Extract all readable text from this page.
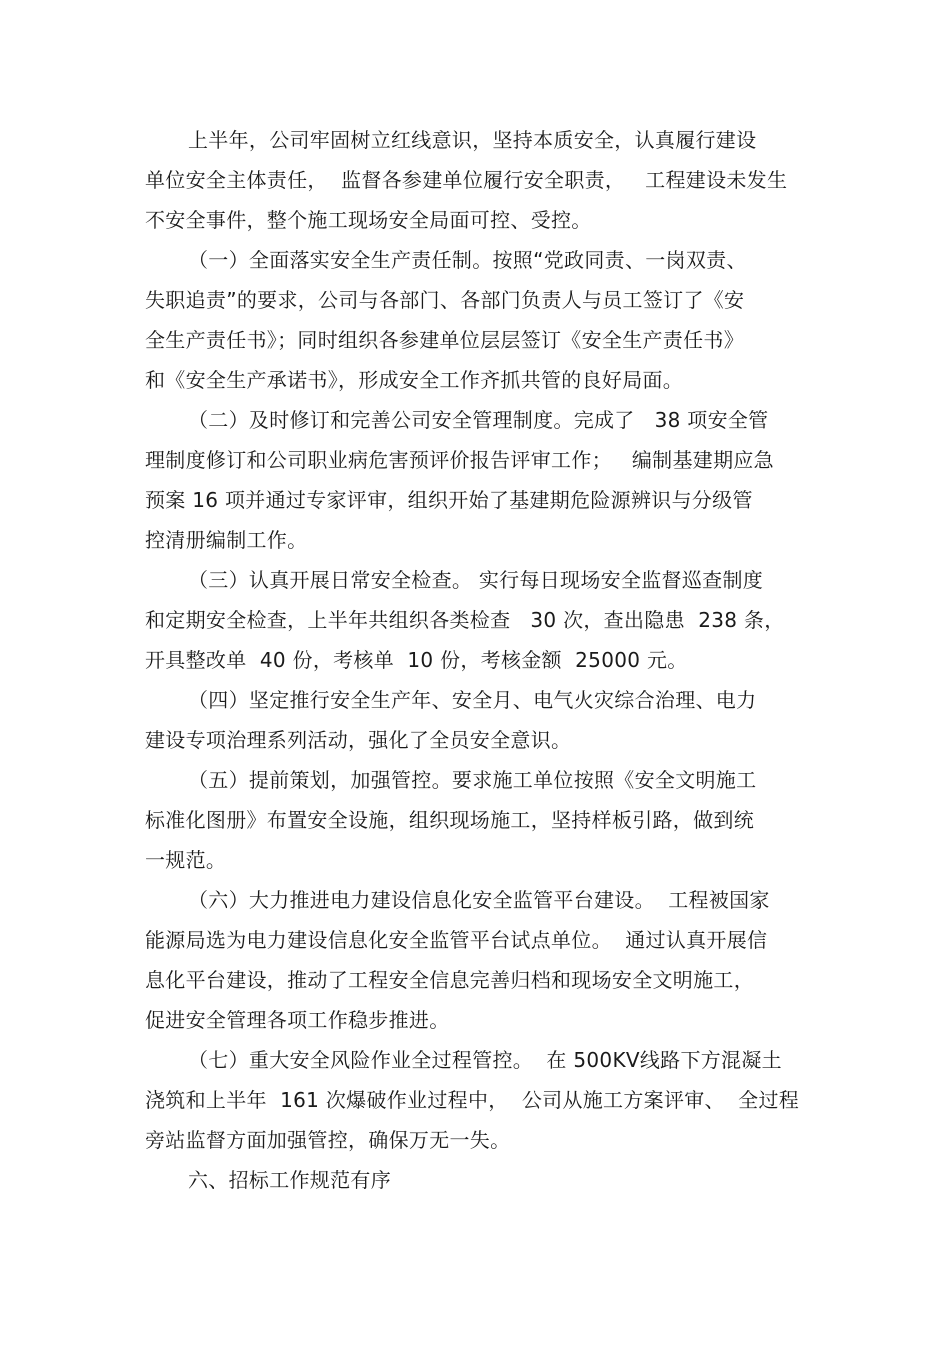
上半年，公司牢固树立红线意识，坚持本质安全，认真履行建设
单位安全主体责任，  监督各参建单位履行安全职责，   工程建设未发生
不安全事件，整个施工现场安全局面可控、受控。
（一）全面落实安全生产责任制。按照“党政同责、一岗双责、
失职追责”的要求，公司与各部门、各部门负责人与员工签订了《安
全生产责任书》；同时组织各参建单位层层签订《安全生产责任书》
和《安全生产承诺书》，形成安全工作齐抓共管的良好局面。
（二）及时修订和完善公司安全管理制度。完成了   38 项安全管
理制度修订和公司职业病危害预评价报告评审工作；   编制基建期应急
预案 16 项并通过专家评审，组织开始了基建期危险源辨识与分级管
控清册编制工作。
（三）认真开展日常安全检查。 实行每日现场安全监督巡查制度
和定期安全检查，上半年共组织各类检查   30 次，查出隐患  238 条，
开具整改单  40 份，考核单  10 份，考核金额  25000 元。
（四）坚定推行安全生产年、安全月、电气火灾综合治理、电力
建设专项治理系列活动，强化了全员安全意识。
（五）提前策划，加强管控。要求施工单位按照《安全文明施工
标准化图册》布置安全设施，组织现场施工，坚持样板引路，做到统
一规范。
（六）大力推进电力建设信息化安全监管平台建设。  工程被国家
能源局选为电力建设信息化安全监管平台试点单位。  通过认真开展信
息化平台建设，推动了工程安全信息完善归档和现场安全文明施工，
促进安全管理各项工作稳步推进。
（七）重大安全风险作业全过程管控。  在 500KV线路下方混凝土
浇筑和上半年  161 次爆破作业过程中，  公司从施工方案评审、  全过程
旁站监督方面加强管控，确保万无一失。
六、招标工作规范有序
